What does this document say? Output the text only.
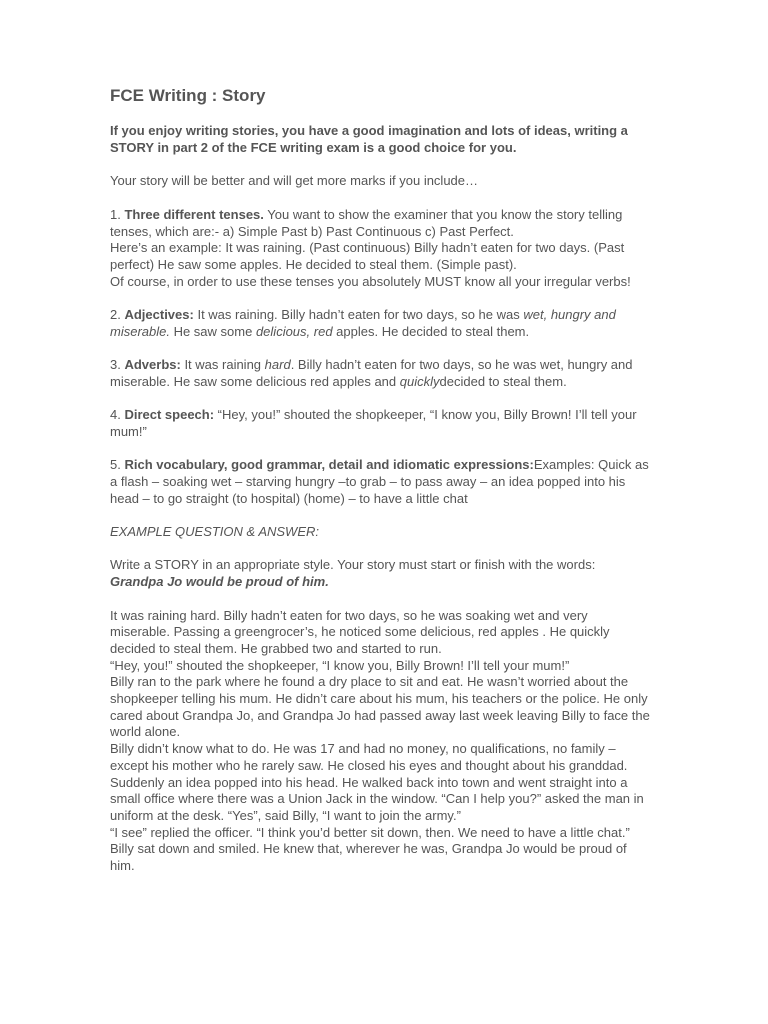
FCE Writing : Story

If you enjoy writing stories, you have a good imagination and lots of ideas, writing a STORY in part 2 of the FCE writing exam is a good choice for you.

Your story will be better and will get more marks if you include…

1. Three different tenses. You want to show the examiner that you know the story telling tenses, which are:- a) Simple Past b) Past Continuous c) Past Perfect.
Here’s an example: It was raining. (Past continuous) Billy hadn’t eaten for two days. (Past perfect) He saw some apples. He decided to steal them. (Simple past).
Of course, in order to use these tenses you absolutely MUST know all your irregular verbs!

2. Adjectives: It was raining. Billy hadn’t eaten for two days, so he was wet, hungry and miserable. He saw some delicious, red apples. He decided to steal them.

3. Adverbs: It was raining hard. Billy hadn’t eaten for two days, so he was wet, hungry and miserable. He saw some delicious red apples and quicklydecided to steal them.

4. Direct speech: “Hey, you!” shouted the shopkeeper, “I know you, Billy Brown! I’ll tell your mum!”

5. Rich vocabulary, good grammar, detail and idiomatic expressions:Examples: Quick as a flash – soaking wet – starving hungry –to grab – to pass away – an idea popped into his head – to go straight (to hospital) (home) – to have a little chat

EXAMPLE QUESTION & ANSWER:

Write a STORY in an appropriate style. Your story must start or finish with the words: Grandpa Jo would be proud of him.

It was raining hard. Billy hadn’t eaten for two days, so he was soaking wet and very miserable. Passing a greengrocer’s, he noticed some delicious, red apples . He quickly decided to steal them. He grabbed two and started to run.
“Hey, you!” shouted the shopkeeper, “I know you, Billy Brown! I’ll tell your mum!”
Billy ran to the park where he found a dry place to sit and eat. He wasn’t worried about the shopkeeper telling his mum. He didn’t care about his mum, his teachers or the police. He only cared about Grandpa Jo, and Grandpa Jo had passed away last week leaving Billy to face the world alone.
Billy didn’t know what to do. He was 17 and had no money, no qualifications, no family – except his mother who he rarely saw. He closed his eyes and thought about his granddad. Suddenly an idea popped into his head. He walked back into town and went straight into a small office where there was a Union Jack in the window. “Can I help you?” asked the man in uniform at the desk. “Yes”, said Billy, “I want to join the army.”
“I see” replied the officer. “I think you’d better sit down, then. We need to have a little chat.”
Billy sat down and smiled. He knew that, wherever he was, Grandpa Jo would be proud of him.
